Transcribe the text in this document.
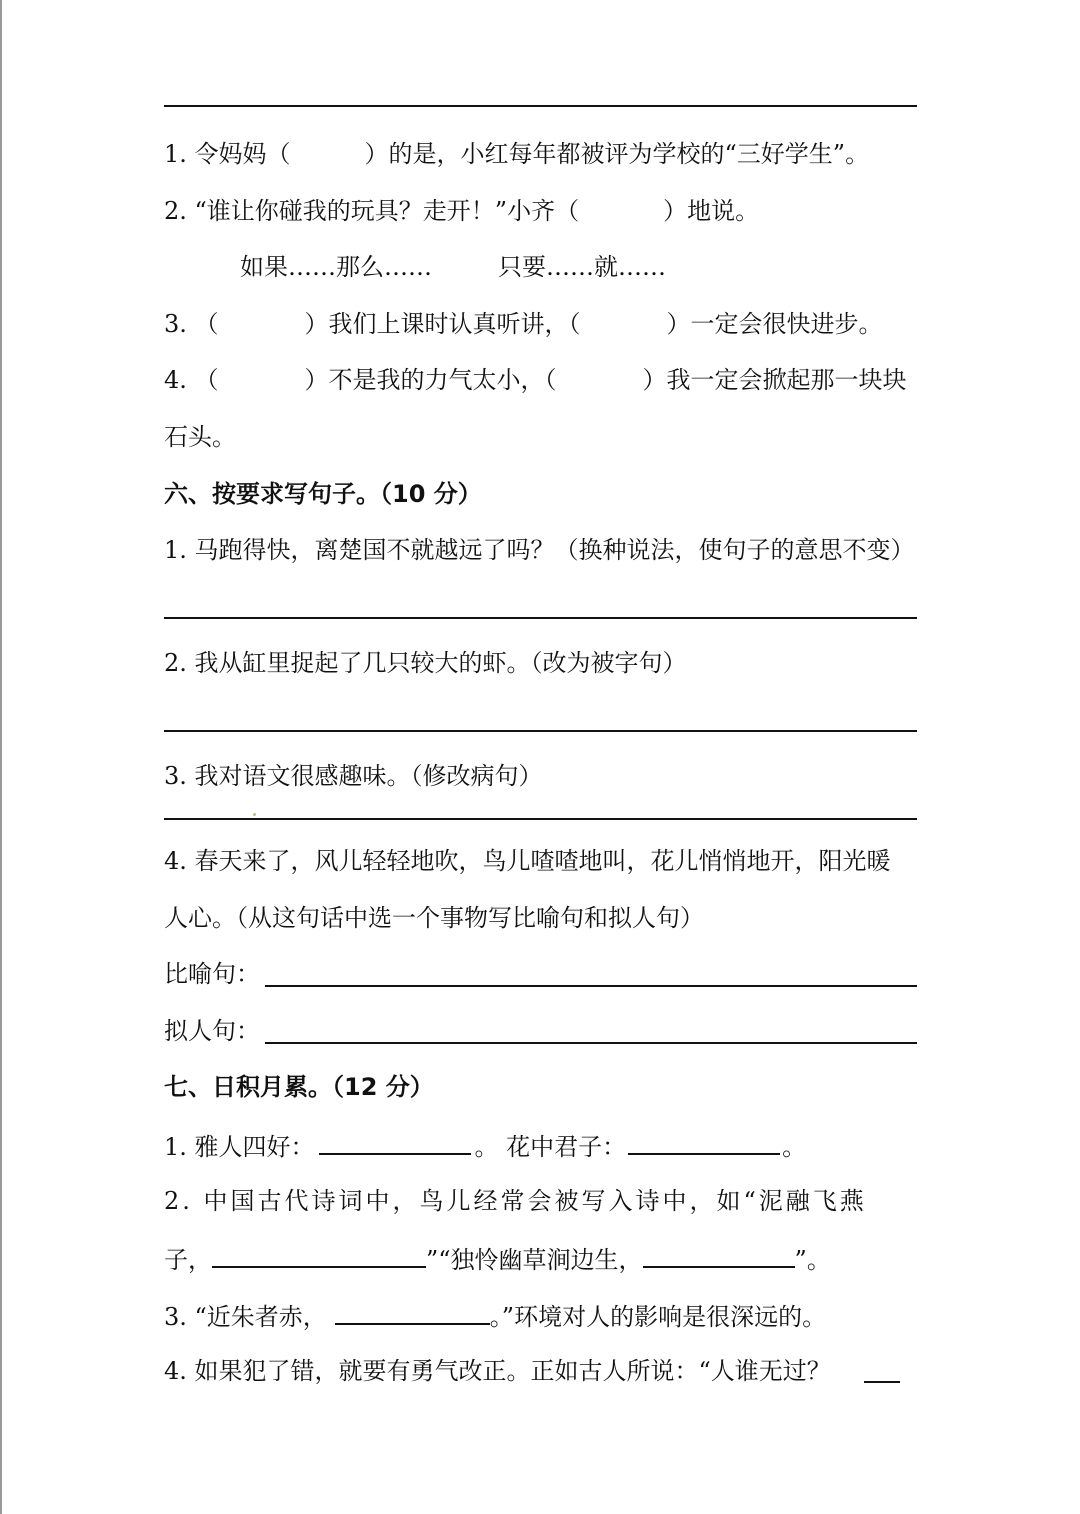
1. 令妈妈（	）的是，小红每年都被评为学校的“三好学生”。
2. “谁让你碰我的玩具？走开！”小齐（	）地说。
如果……那么……	只要……就……
3. （	）我们上课时认真听讲，（	）一定会很快进步。
4. （	）不是我的力气太小，（	）我一定会掀起那一块块
石头。
六、按要求写句子。（10 分）
1. 马跑得快，离楚国不就越远了吗？（换种说法，使句子的意思不变）
2. 我从缸里捉起了几只较大的虾。（改为被字句）
3. 我对语文很感趣味。（修改病句）
4. 春天来了，风儿轻轻地吹，鸟儿喳喳地叫，花儿悄悄地开，阳光暖
人心。（从这句话中选一个事物写比喻句和拟人句）
比喻句：
拟人句：
七、日积月累。（12 分）
1. 雅人四好：	。 花中君子：	。
2. 中国古代诗词中，鸟儿经常会被写入诗中，如“泥融飞燕
子，	”“独怜幽草涧边生，	”。
3. “近朱者赤，	。”环境对人的影响是很深远的。
4. 如果犯了错，就要有勇气改正。正如古人所说：“人谁无过？
